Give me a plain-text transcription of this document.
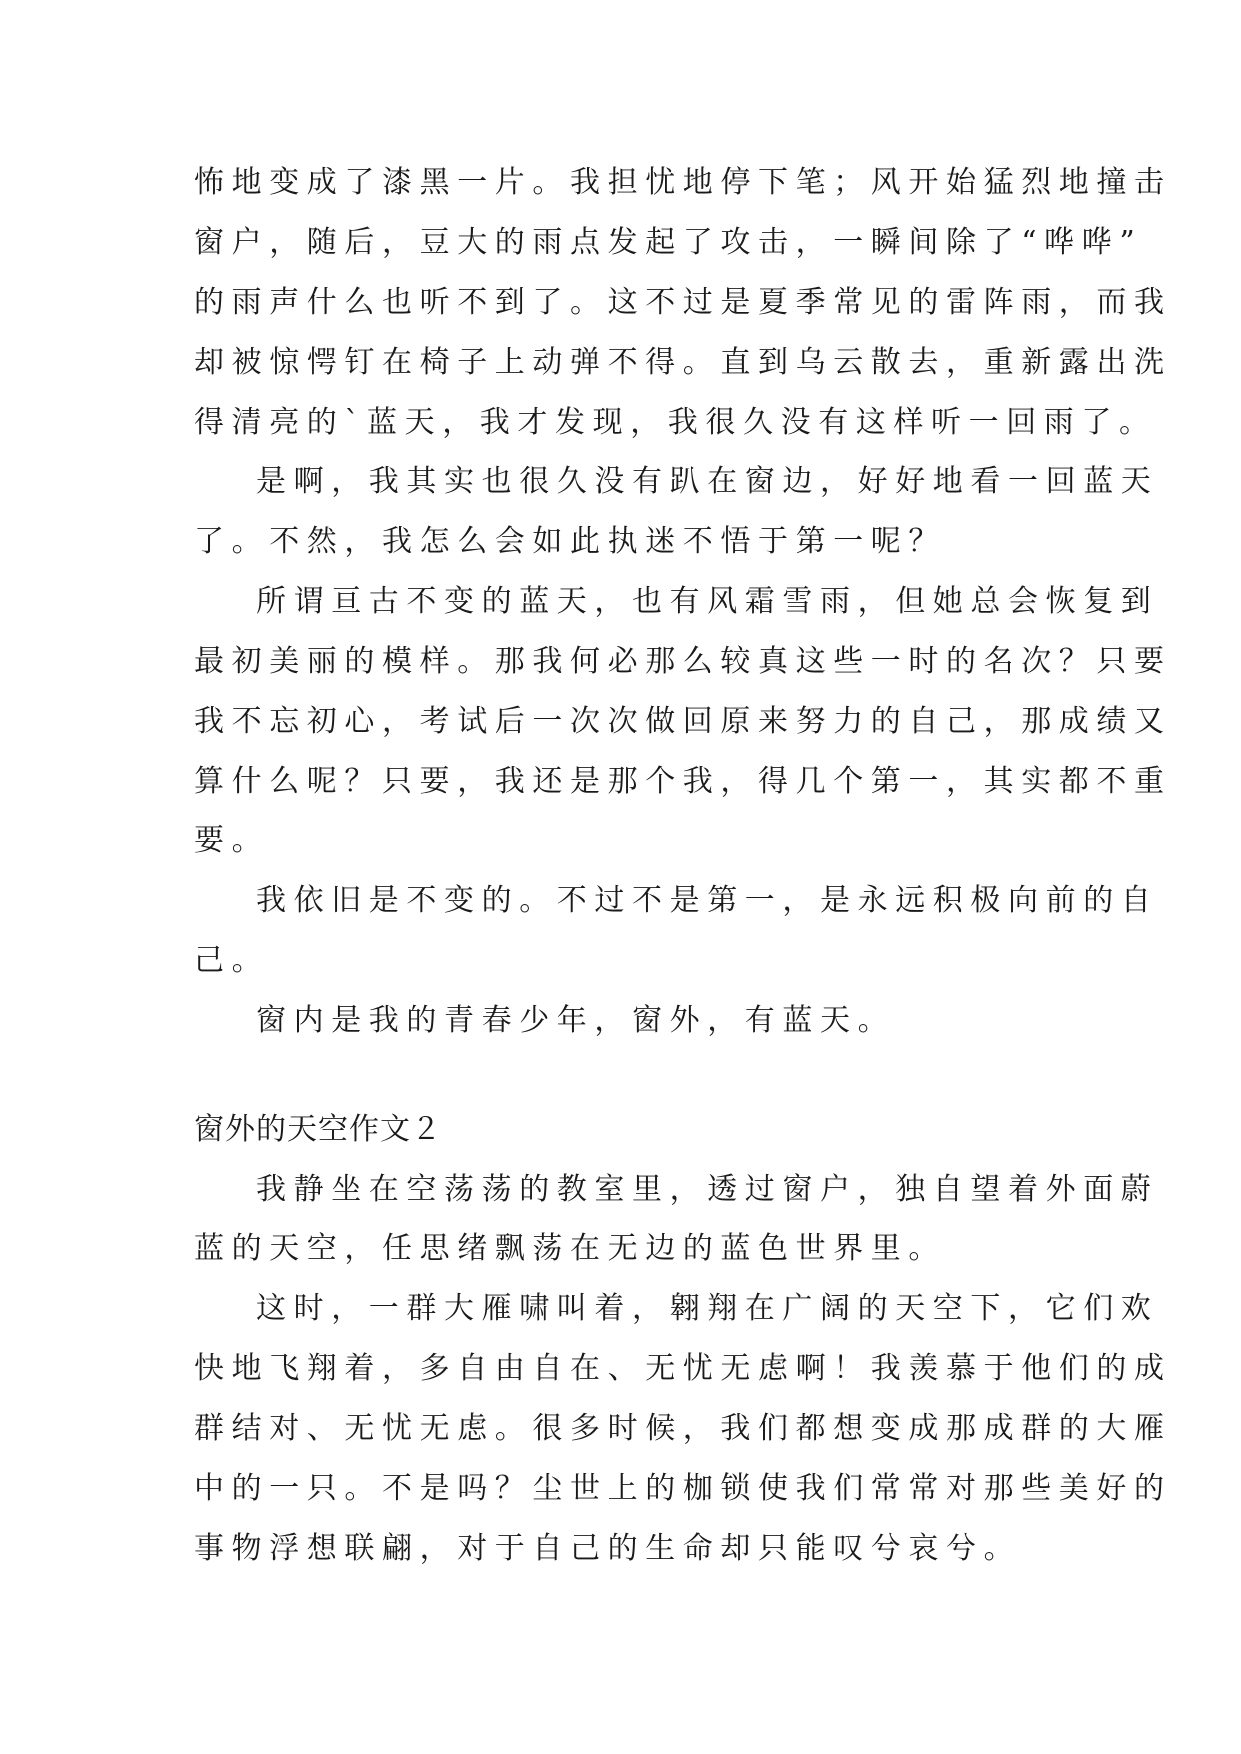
怖地变成了漆黑一片。我担忧地停下笔；风开始猛烈地撞击
窗户，随后，豆大的雨点发起了攻击，一瞬间除了“哗哗”
的雨声什么也听不到了。这不过是夏季常见的雷阵雨，而我
却被惊愕钉在椅子上动弹不得。直到乌云散去，重新露出洗
得清亮的`蓝天，我才发现，我很久没有这样听一回雨了。
是啊，我其实也很久没有趴在窗边，好好地看一回蓝天
了。不然，我怎么会如此执迷不悟于第一呢？
所谓亘古不变的蓝天，也有风霜雪雨，但她总会恢复到
最初美丽的模样。那我何必那么较真这些一时的名次？只要
我不忘初心，考试后一次次做回原来努力的自己，那成绩又
算什么呢？只要，我还是那个我，得几个第一，其实都不重
要。
我依旧是不变的。不过不是第一，是永远积极向前的自
己。
窗内是我的青春少年，窗外，有蓝天。
窗外的天空作文２
我静坐在空荡荡的教室里，透过窗户，独自望着外面蔚
蓝的天空，任思绪飘荡在无边的蓝色世界里。
这时，一群大雁啸叫着，翱翔在广阔的天空下，它们欢
快地飞翔着，多自由自在、无忧无虑啊！我羡慕于他们的成
群结对、无忧无虑。很多时候，我们都想变成那成群的大雁
中的一只。不是吗？尘世上的枷锁使我们常常对那些美好的
事物浮想联翩，对于自己的生命却只能叹兮哀兮。
